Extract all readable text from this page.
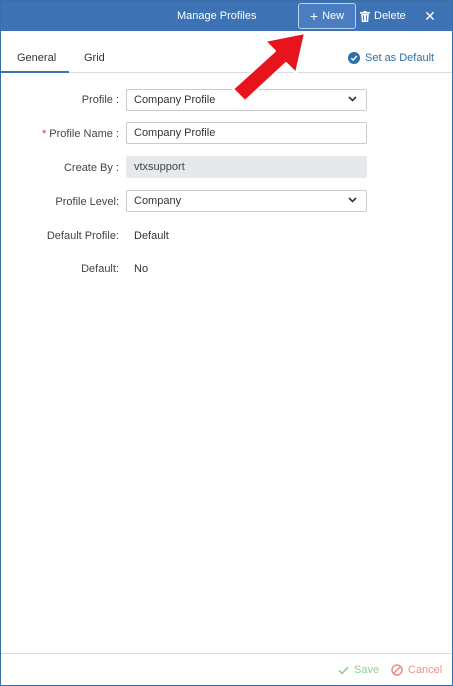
Manage Profiles	+ New	Delete ✕
General	Grid	Set as Default
Profile : Company Profile
* Profile Name : Company Profile
Create By : vtxsupport
Profile Level: Company
Default Profile: Default
Default: No
Save	Cancel
